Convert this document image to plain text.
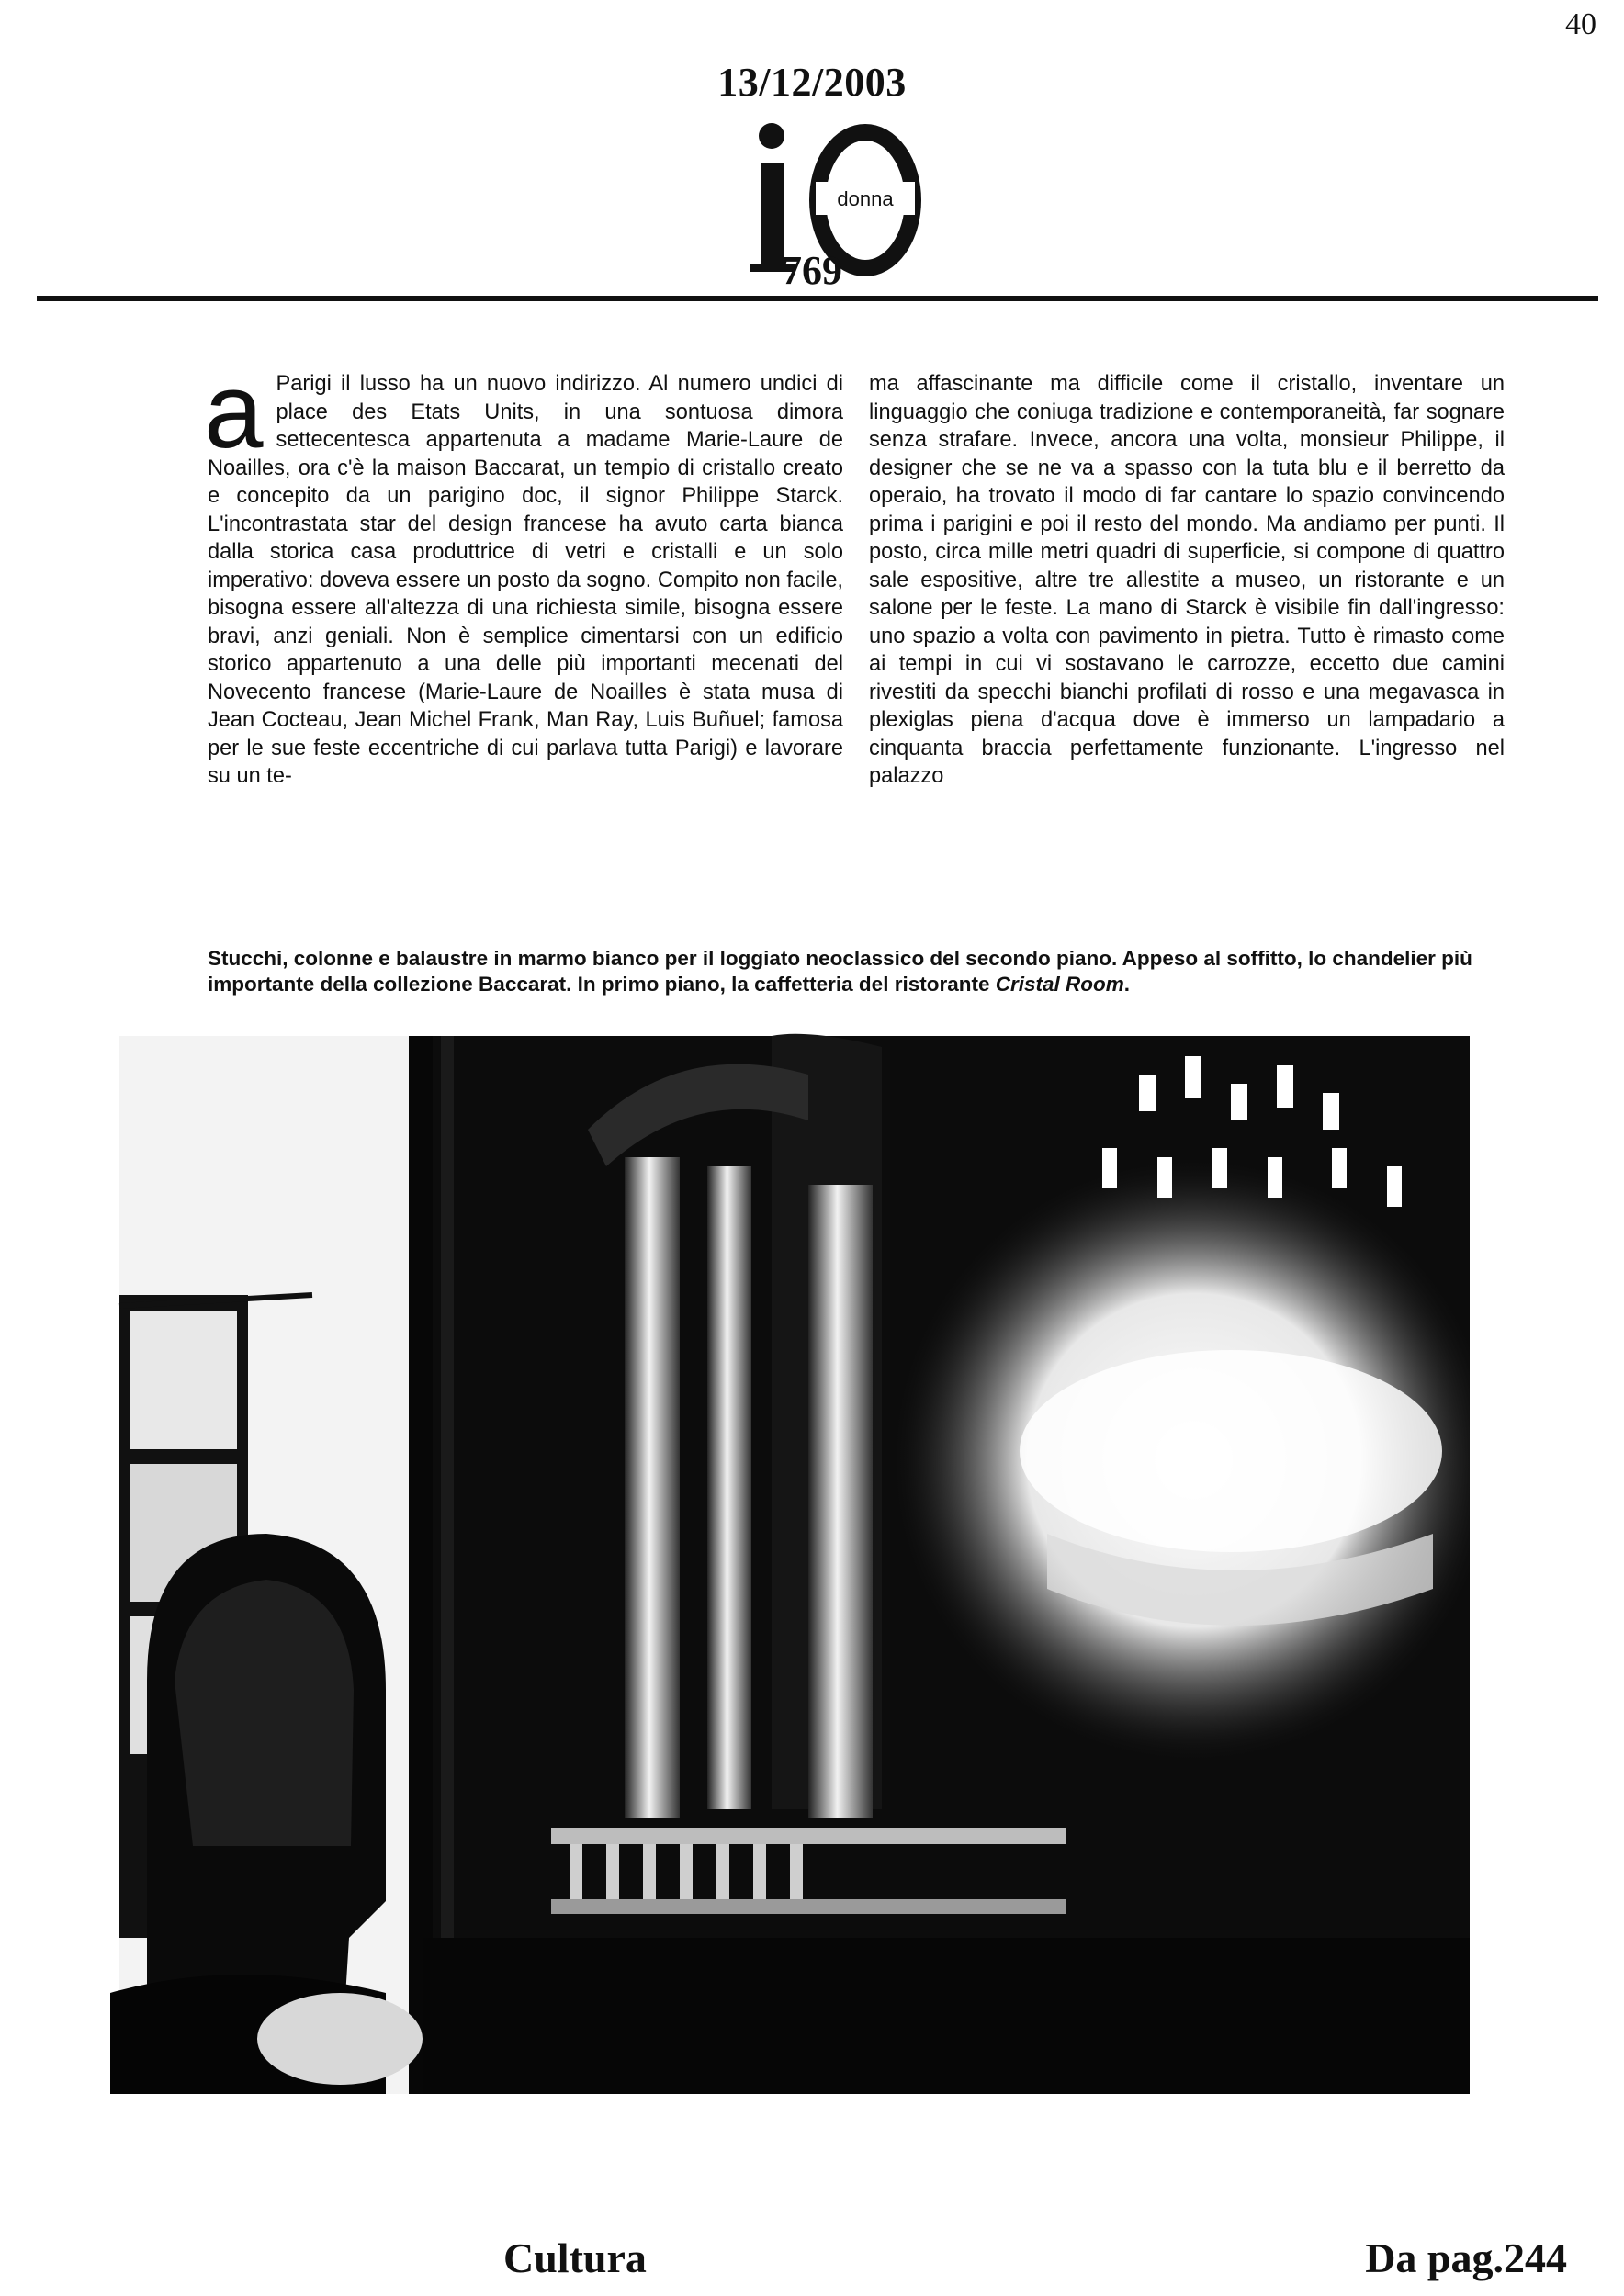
40
13/12/2003
donna
769
a Parigi il lusso ha un nuovo indirizzo. Al numero undici di place des Etats Units, in una sontuosa dimora settecentesca appartenuta a madame Marie-Laure de Noailles, ora c'è la maison Baccarat, un tempio di cristallo creato e concepito da un parigino doc, il signor Philippe Starck. L'incontrastata star del design francese ha avuto carta bianca dalla storica casa produttrice di vetri e cristalli e un solo imperativo: doveva essere un posto da sogno. Compito non facile, bisogna essere all'altezza di una richiesta simile, bisogna essere bravi, anzi geniali. Non è semplice cimentarsi con un edificio storico appartenuto a una delle più importanti mecenati del Novecento francese (Marie-Laure de Noailles è stata musa di Jean Cocteau, Jean Michel Frank, Man Ray, Luis Buñuel; famosa per le sue feste eccentriche di cui parlava tutta Parigi) e lavorare su un te-

ma affascinante ma difficile come il cristallo, inventare un linguaggio che coniuga tradizione e contemporaneità, far sognare senza strafare. Invece, ancora una volta, monsieur Philippe, il designer che se ne va a spasso con la tuta blu e il berretto da operaio, ha trovato il modo di far cantare lo spazio convincendo prima i parigini e poi il resto del mondo. Ma andiamo per punti. Il posto, circa mille metri quadri di superficie, si compone di quattro sale espositive, altre tre allestite a museo, un ristorante e un salone per le feste. La mano di Starck è visibile fin dall'ingresso: uno spazio a volta con pavimento in pietra. Tutto è rimasto come ai tempi in cui vi sostavano le carrozze, eccetto due camini rivestiti da specchi bianchi profilati di rosso e una megavasca in plexiglas piena d'acqua dove è immerso un lampadario a cinquanta braccia perfettamente funzionante. L'ingresso nel palazzo

Stucchi, colonne e balaustre in marmo bianco per il loggiato neoclassico del secondo piano. Appeso al soffitto, lo chandelier più importante della collezione Baccarat. In primo piano, la caffetteria del ristorante Cristal Room.
Cultura	Da pag.244
